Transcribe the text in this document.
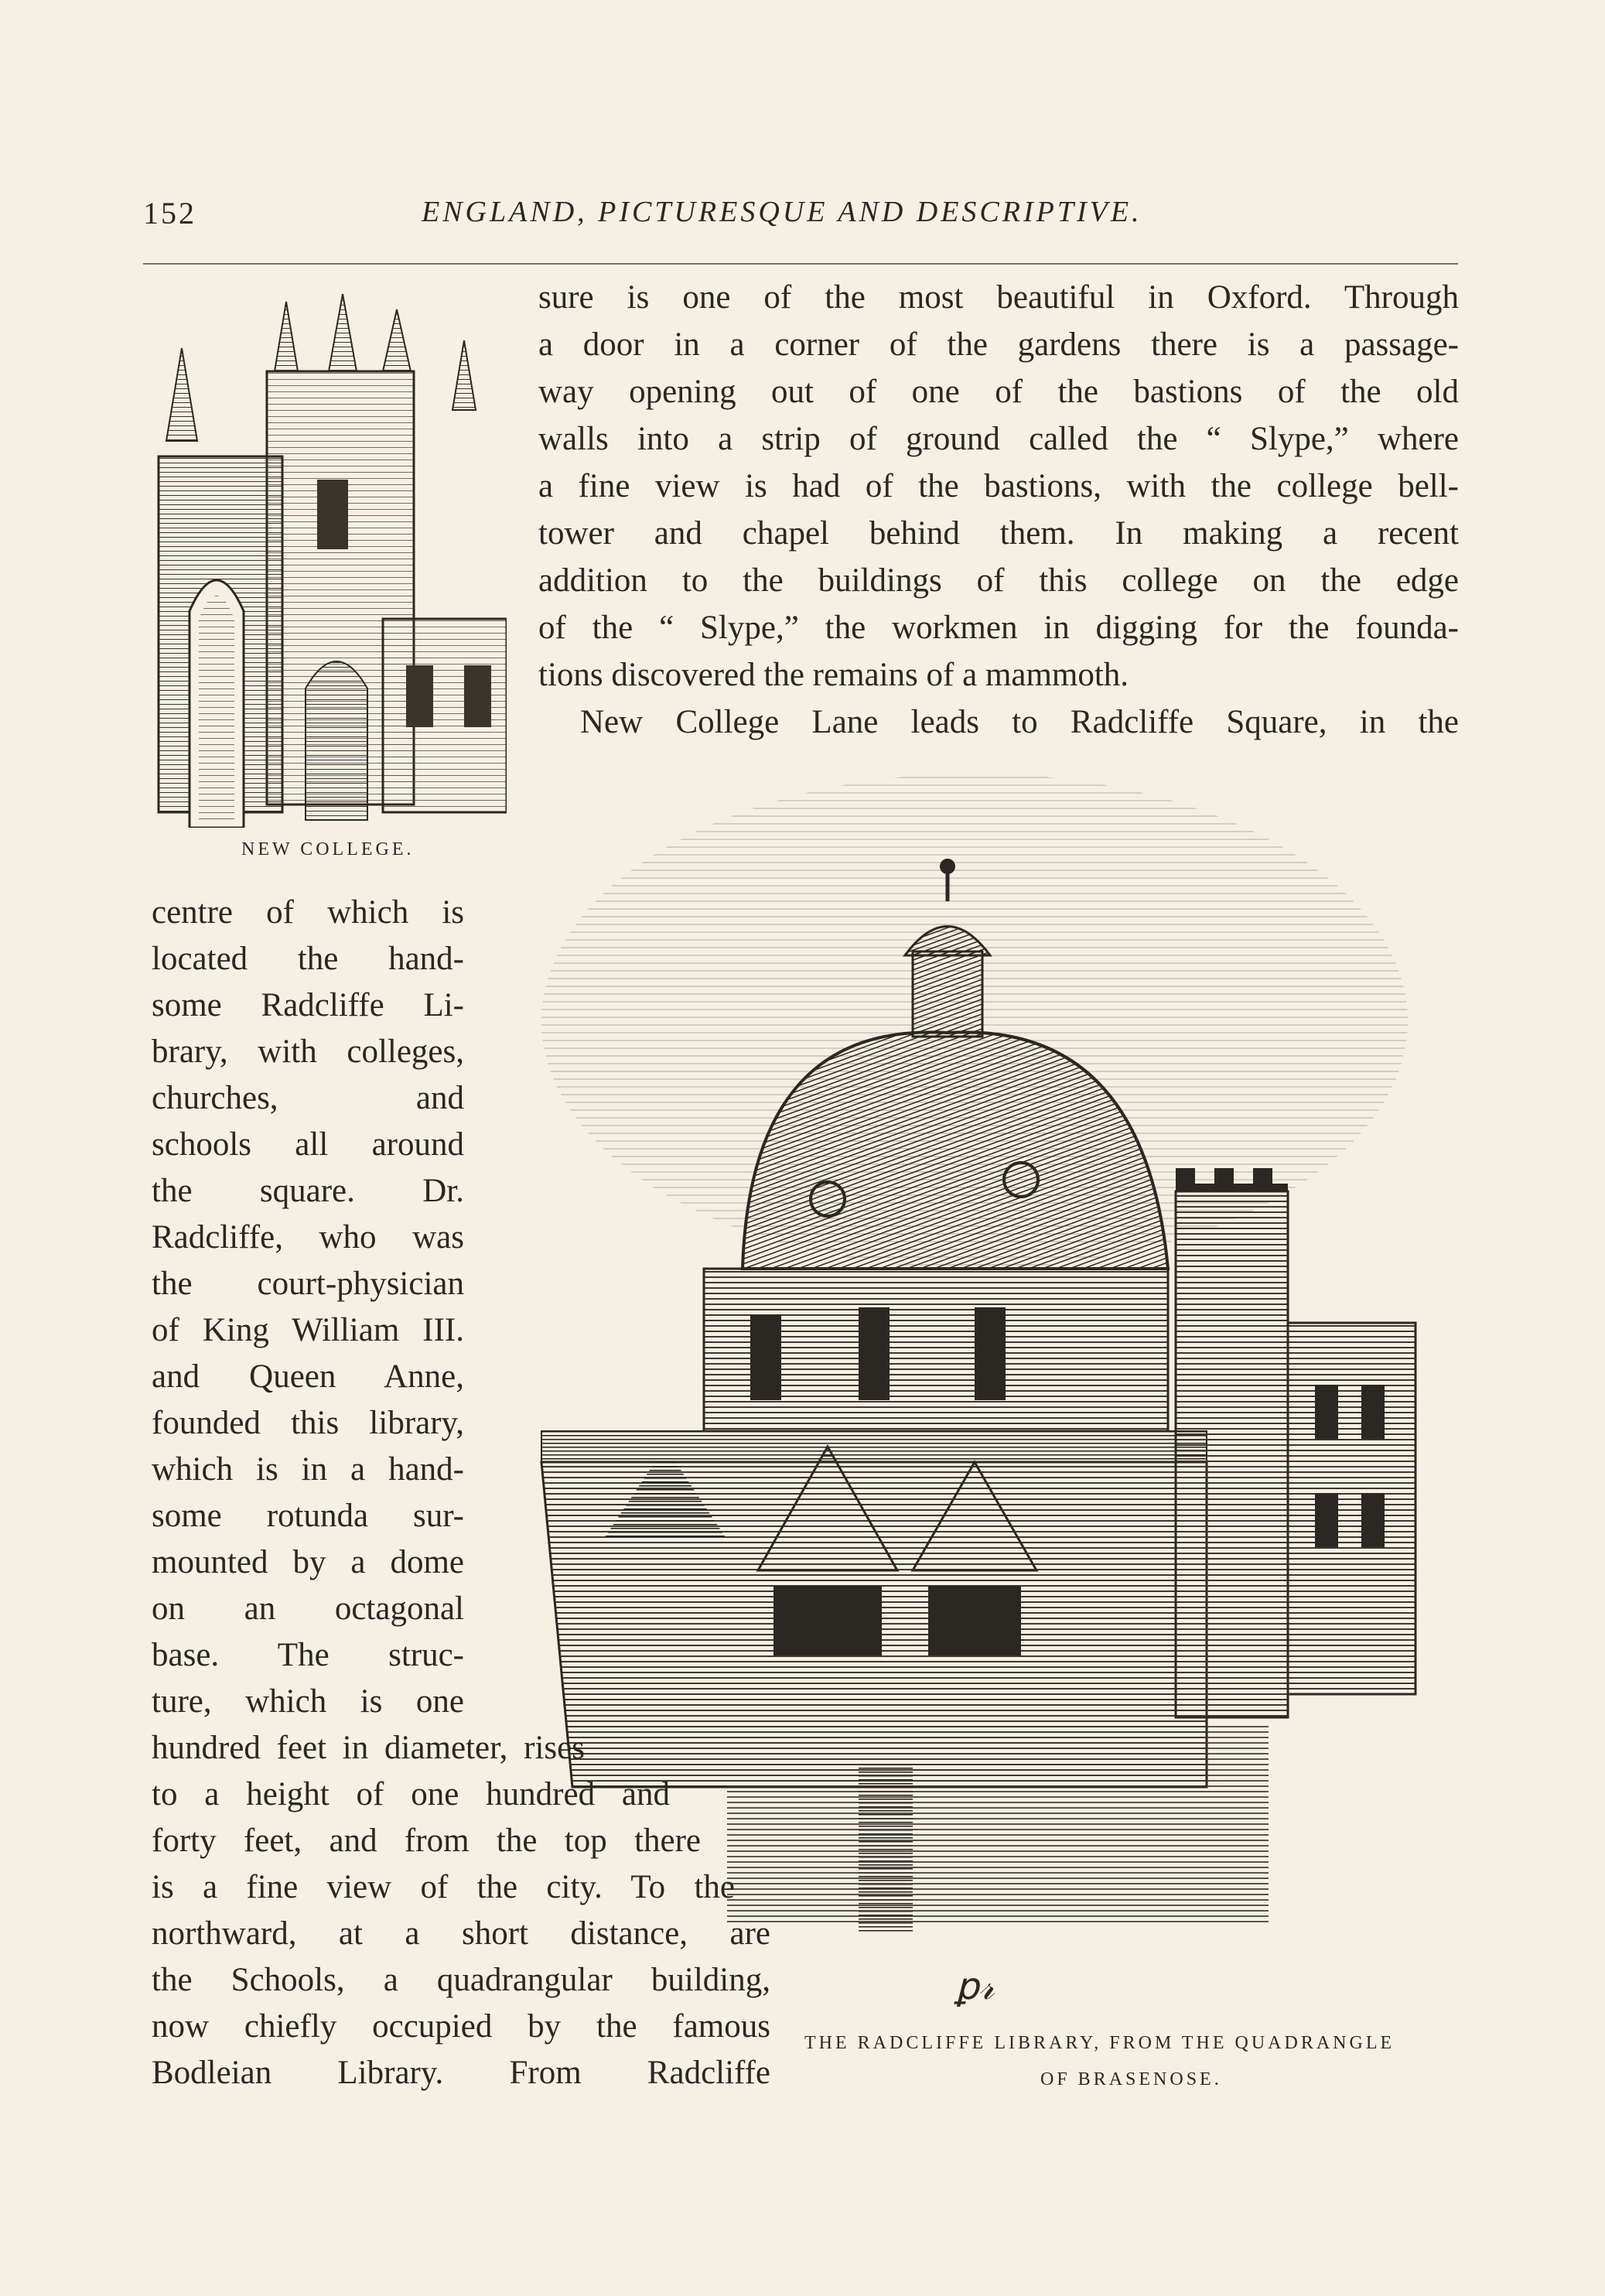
152	ENGLAND, PICTURESQUE AND DESCRIPTIVE.
NEW COLLEGE.
sure is one of the most beautiful in Oxford. Through
a door in a corner of the gardens there is a passage-
way opening out of one of the bastions of the old
walls into a strip of ground called the “ Slype,” where
a fine view is had of the bastions, with the college bell-
tower and chapel behind them. In making a recent
addition to the buildings of this college on the edge
of the “ Slype,” the workmen in digging for the founda-
tions discovered the remains of a mammoth.
New College Lane leads to Radcliffe Square, in the
ꝑ𝓇
THE RADCLIFFE LIBRARY, FROM THE QUADRANGLE
OF BRASENOSE.
centre of which is
located the hand-
some Radcliffe Li-
brary, with colleges,
churches, and
schools all around
the square. Dr.
Radcliffe, who was
the court-physician
of King William III.
and Queen Anne,
founded this library,
which is in a hand-
some rotunda sur-
mounted by a dome
on an octagonal
base. The struc-
ture, which is one
hundred feet in diameter, rises
to a height of one hundred and
forty feet, and from the top there
is a fine view of the city. To the
northward, at a short distance, are
the Schools, a quadrangular building,
now chiefly occupied by the famous
Bodleian Library. From Radcliffe
